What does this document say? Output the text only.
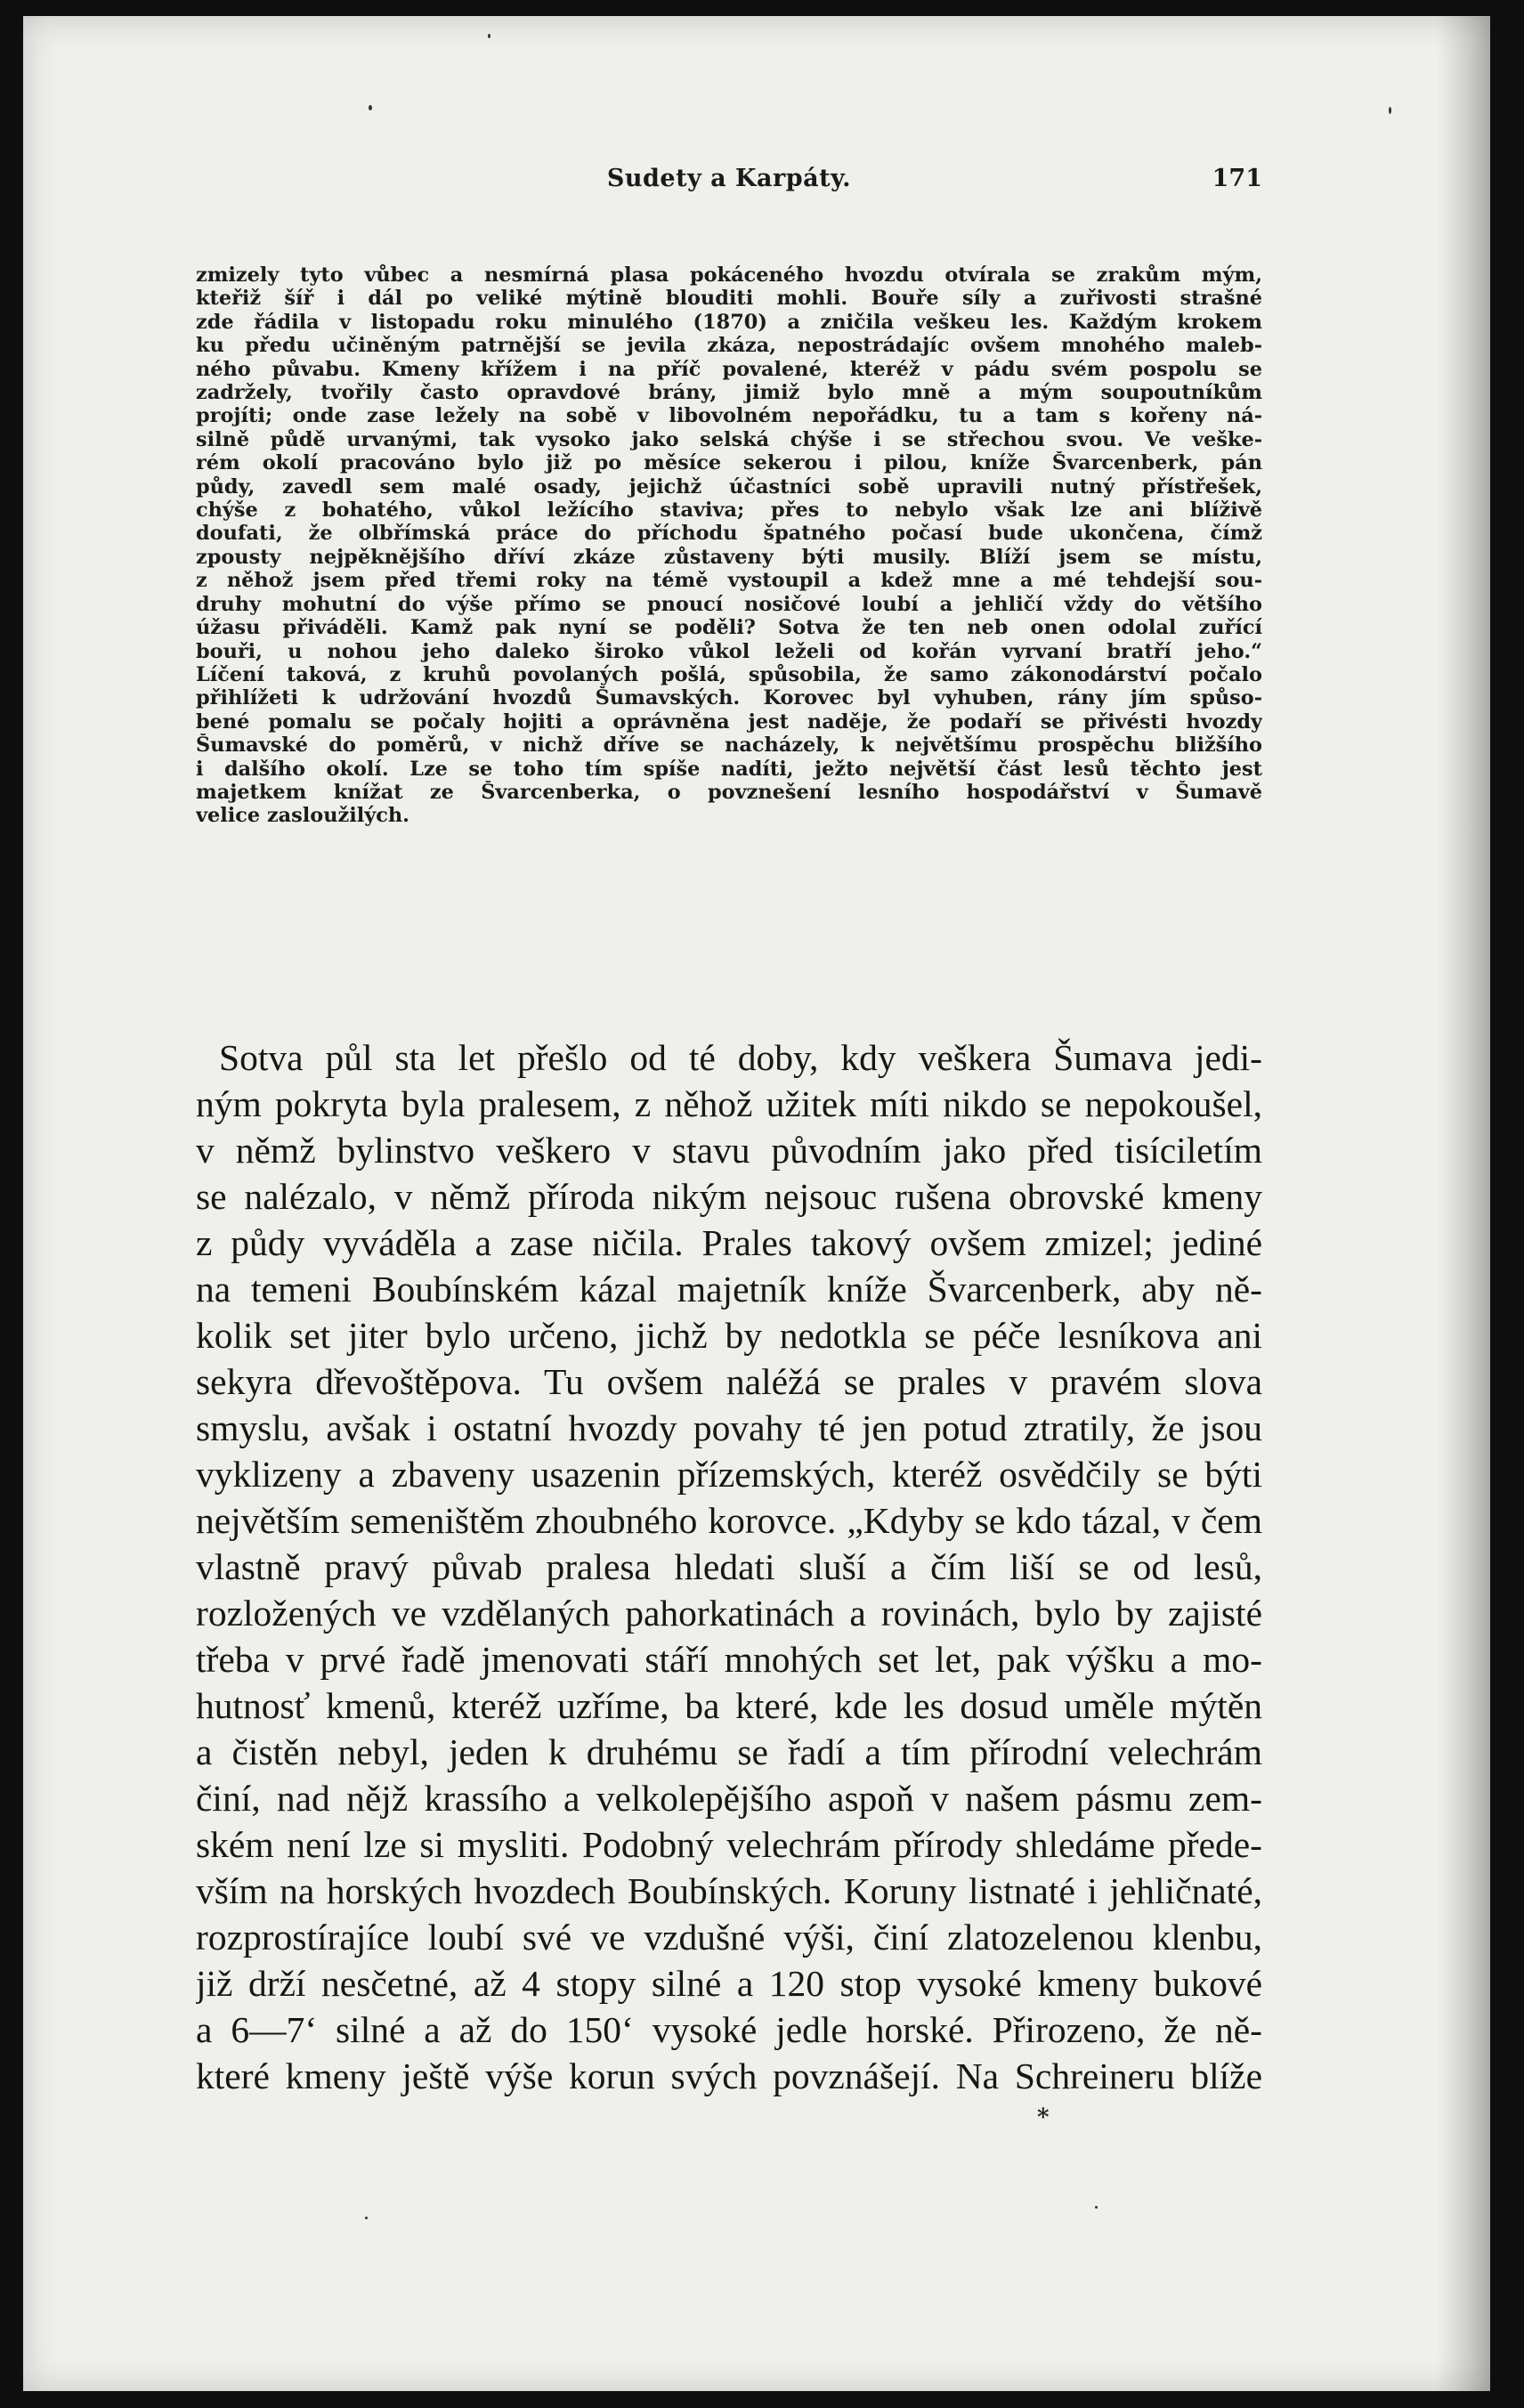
Sudety a Karpáty.	171
zmizely tyto vůbec a nesmírná plasa pokáceného hvozdu otvírala se zrakům mým,
kteřiž šíř i dál po veliké mýtině blouditi mohli. Bouře síly a zuřivosti strašné
zde řádila v listopadu roku minulého (1870) a zničila veškeu les. Každým krokem
ku předu učiněným patrnější se jevila zkáza, nepostrádajíc ovšem mnohého maleb-
ného půvabu. Kmeny křížem i na příč povalené, kteréž v pádu svém pospolu se
zadržely, tvořily často opravdové brány, jimiž bylo mně a mým soupoutníkům
projíti; onde zase ležely na sobě v libovolném nepořádku, tu a tam s kořeny ná-
silně půdě urvanými, tak vysoko jako selská chýše i se střechou svou. Ve veške-
rém okolí pracováno bylo již po měsíce sekerou i pilou, kníže Švarcenberk, pán
půdy, zavedl sem malé osady, jejichž účastníci sobě upravili nutný přístřešek,
chýše z bohatého, vůkol ležícího staviva; přes to nebylo však lze ani blíživě
doufati, že olbřímská práce do příchodu špatného počasí bude ukončena, čímž
zpousty nejpěknějšího dříví zkáze zůstaveny býti musily. Blíží jsem se místu,
z něhož jsem před třemi roky na témě vystoupil a kdež mne a mé tehdejší sou-
druhy mohutní do výše přímo se pnoucí nosičové loubí a jehličí vždy do většího
úžasu přiváděli. Kamž pak nyní se poděli? Sotva že ten neb onen odolal zuřící
bouři, u nohou jeho daleko široko vůkol leželi od kořán vyrvaní bratří jeho.“
Líčení taková, z kruhů povolaných pošlá, spůsobila, že samo zákonodárství počalo
přihlížeti k udržování hvozdů Šumavských. Korovec byl vyhuben, rány jím spůso-
bené pomalu se počaly hojiti a oprávněna jest naděje, že podaří se přivésti hvozdy
Šumavské do poměrů, v nichž dříve se nacházely, k největšímu prospěchu bližšího
i dalšího okolí. Lze se toho tím spíše nadíti, ježto největší část lesů těchto jest
majetkem knížat ze Švarcenberka, o povznešení lesního hospodářství v Šumavě
velice zasloužilých.
Sotva půl sta let přešlo od té doby, kdy veškera Šumava jedi-
ným pokryta byla pralesem, z něhož užitek míti nikdo se nepokoušel,
v němž bylinstvo veškero v stavu původním jako před tisíciletím
se nalézalo, v němž příroda nikým nejsouc rušena obrovské kmeny
z půdy vyváděla a zase ničila. Prales takový ovšem zmizel; jediné
na temeni Boubínském kázal majetník kníže Švarcenberk, aby ně-
kolik set jiter bylo určeno, jichž by nedotkla se péče lesníkova ani
sekyra dřevoštěpova. Tu ovšem naléžá se prales v pravém slova
smyslu, avšak i ostatní hvozdy povahy té jen potud ztratily, že jsou
vyklizeny a zbaveny usazenin přízemských, kteréž osvědčily se býti
největším semeništěm zhoubného korovce. „Kdyby se kdo tázal, v čem
vlastně pravý půvab pralesa hledati sluší a čím liší se od lesů,
rozložených ve vzdělaných pahorkatinách a rovinách, bylo by zajisté
třeba v prvé řadě jmenovati stáří mnohých set let, pak výšku a mo-
hutnosť kmenů, kteréž uzříme, ba které, kde les dosud uměle mýtěn
a čistěn nebyl, jeden k druhému se řadí a tím přírodní velechrám
činí, nad nějž krassího a velkolepějšího aspoň v našem pásmu zem-
ském není lze si mysliti. Podobný velechrám přírody shledáme přede-
vším na horských hvozdech Boubínských. Koruny listnaté i jehličnaté,
rozprostírajíce loubí své ve vzdušné výši, činí zlatozelenou klenbu,
již drží nesčetné, až 4 stopy silné a 120 stop vysoké kmeny bukové
a 6—7‘ silné a až do 150‘ vysoké jedle horské. Přirozeno, že ně-
které kmeny ještě výše korun svých povznášejí. Na Schreineru blíže
*
